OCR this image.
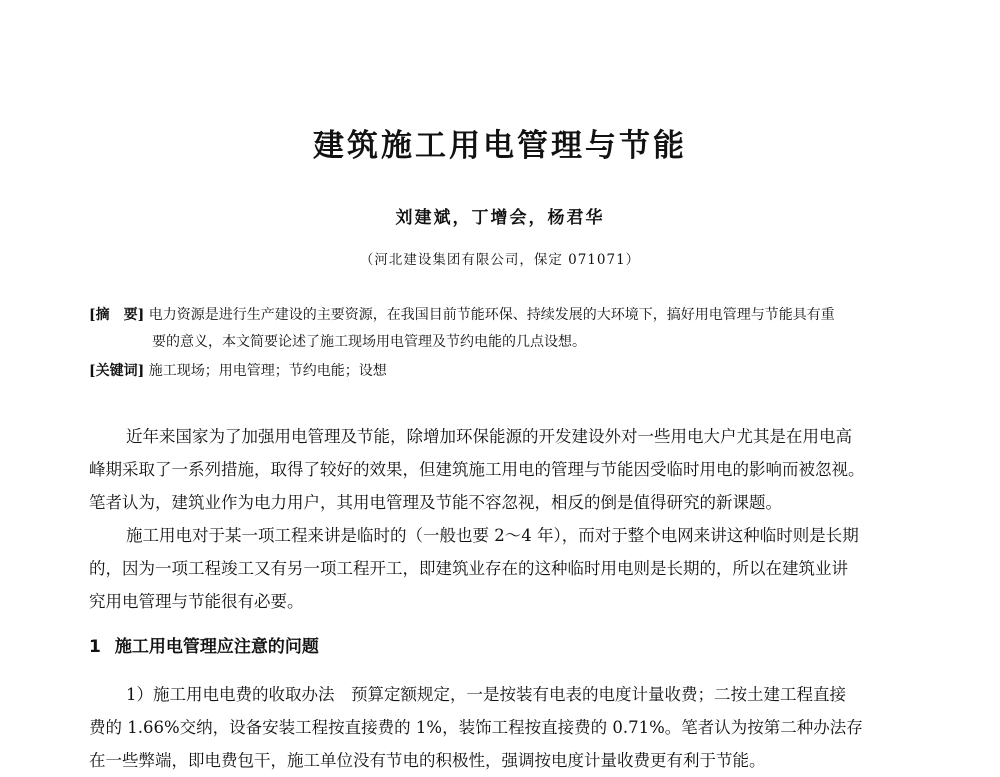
建筑施工用电管理与节能

刘建斌，丁增会，杨君华

（河北建设集团有限公司，保定 071071）

[摘　要] 电力资源是进行生产建设的主要资源，在我国目前节能环保、持续发展的大环境下，搞好用电管理与节能具有重
要的意义，本文简要论述了施工现场用电管理及节约电能的几点设想。
[关键词] 施工现场；用电管理；节约电能；设想
近年来国家为了加强用电管理及节能，除增加环保能源的开发建设外对一些用电大户尤其是在用电高
峰期采取了一系列措施，取得了较好的效果，但建筑施工用电的管理与节能因受临时用电的影响而被忽视。
笔者认为，建筑业作为电力用户，其用电管理及节能不容忽视，相反的倒是值得研究的新课题。
施工用电对于某一项工程来讲是临时的（一般也要 2～4 年），而对于整个电网来讲这种临时则是长期
的，因为一项工程竣工又有另一项工程开工，即建筑业存在的这种临时用电则是长期的，所以在建筑业讲
究用电管理与节能很有必要。
1 施工用电管理应注意的问题
1）施工用电电费的收取办法　预算定额规定，一是按装有电表的电度计量收费；二按土建工程直接
费的 1.66%交纳，设备安装工程按直接费的 1%，装饰工程按直接费的 0.71%。笔者认为按第二种办法存
在一些弊端，即电费包干，施工单位没有节电的积极性，强调按电度计量收费更有利于节能。
